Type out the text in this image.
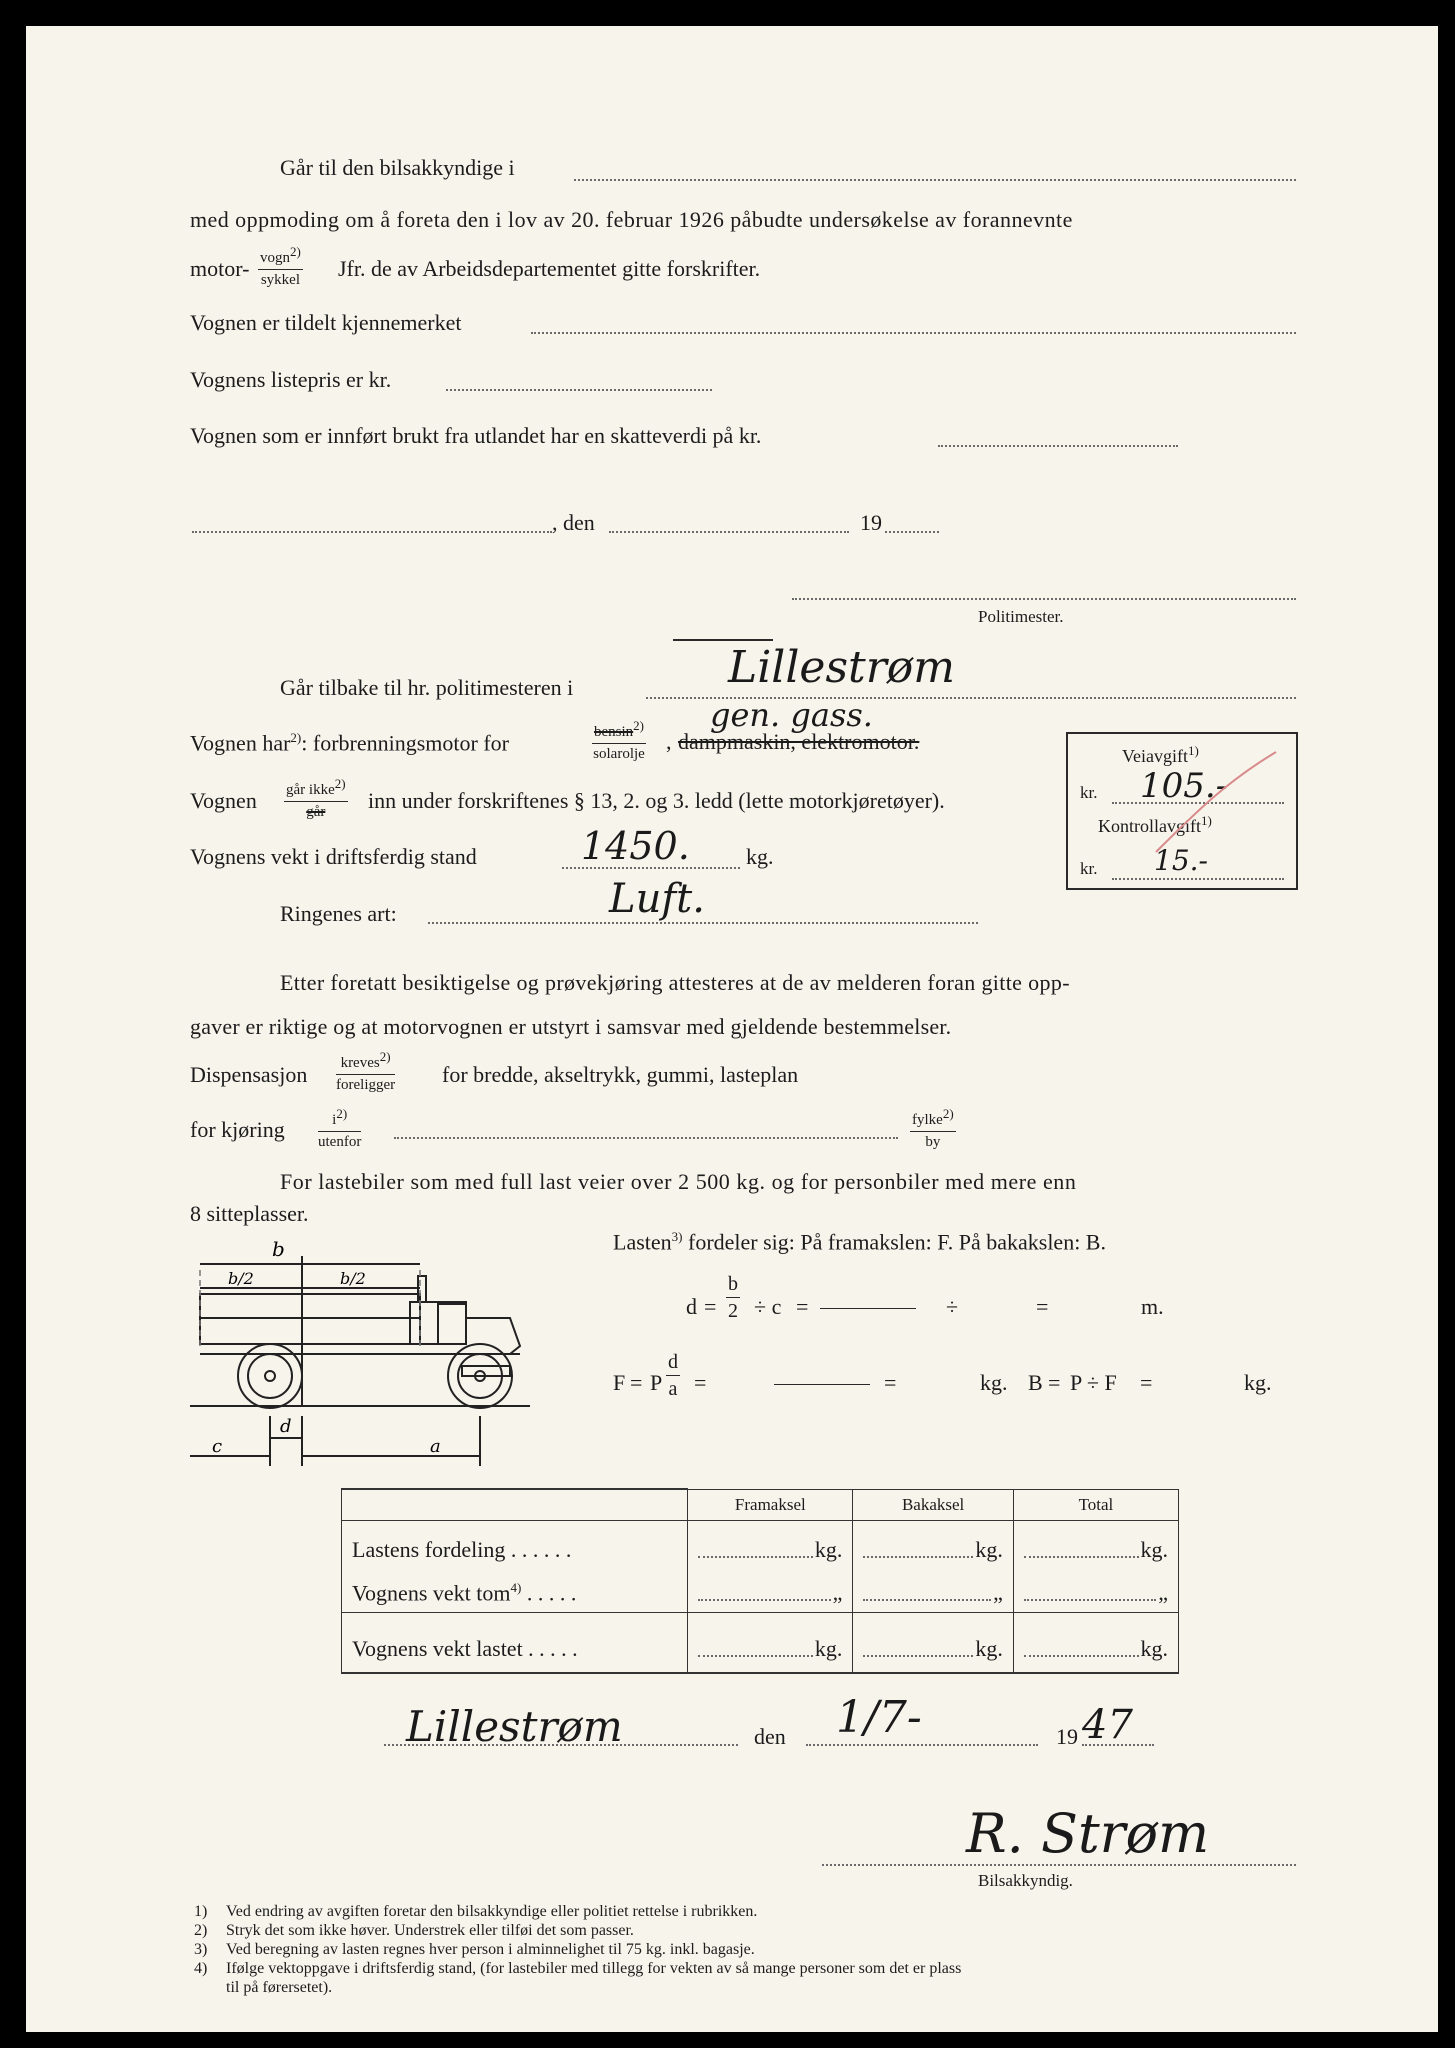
Går til den bilsakkyndige i
med oppmoding om å foreta den i lov av 20. februar 1926 påbudte undersøkelse av forannevnte
motor- vogn2)
sykkel Jfr. de av Arbeidsdepartementet gitte forskrifter.
Vognen er tildelt kjennemerket
Vognens listepris er kr.
Vognen som er innført brukt fra utlandet har en skatteverdi på kr.
, den	19
Politimester.
Går tilbake til hr. politimesteren i	Lillestrøm
Vognen har$^{2)}$: forbrenningsmotor for	bensin2)
solarolje , dampmaskin, elektromotor.
gen. gass.
Vognen går ikke2)
går	inn under forskriftenes § 13, 2. og 3. ledd (lette motorkjøretøyer).
Vognens vekt i driftsferdig stand	kg.
1450.
Ringenes art:	Luft.
Veiavgift$^{1)}$
kr. 105.-
Kontrollavgift$^{1)}$
kr. 15.-
Etter foretatt besiktigelse og prøvekjøring attesteres at de av melderen foran gitte opp-
gaver er riktige og at motorvognen er utstyrt i samsvar med gjeldende bestemmelser.
Dispensasjon	kreves2)
foreligger for bredde, akseltrykk, gummi, lasteplan
for kjøring	i2)
utenfor
fylke2)
by
For lastebiler som med full last veier over 2 500 kg. og for personbiler med mere enn
8 sitteplasser.
b
b/2	b/2
c
d
a
Lasten$^{3)}$ fordeler sig: På framakslen: F. På bakakslen: B.
$d = \frac{b}{2} \div c$ =	÷	=	m.
F = P $\frac{d}{a}$ =	=	kg. B = P ÷ F =	kg.
	Framaksel	Bakaksel	Total
Lastens fordeling . . . . . .	kg.	kg.	kg.

Vognens vekt tom$^{4)}$ . . . . .	„	„	„

Vognens vekt lastet . . . . .	kg.	kg.	kg.
Lillestrøm	den 1/7-	19 47
R. Strøm
Bilsakkyndig.
1) Ved endring av avgiften foretar den bilsakkyndige eller politiet rettelse i rubrikken.
2) Stryk det som ikke høver. Understrek eller tilføi det som passer.
3) Ved beregning av lasten regnes hver person i alminnelighet til 75 kg. inkl. bagasje.
4) Ifølge vektoppgave i driftsferdig stand, (for lastebiler med tillegg for vekten av så mange personer som det er plass
til på førersetet).
